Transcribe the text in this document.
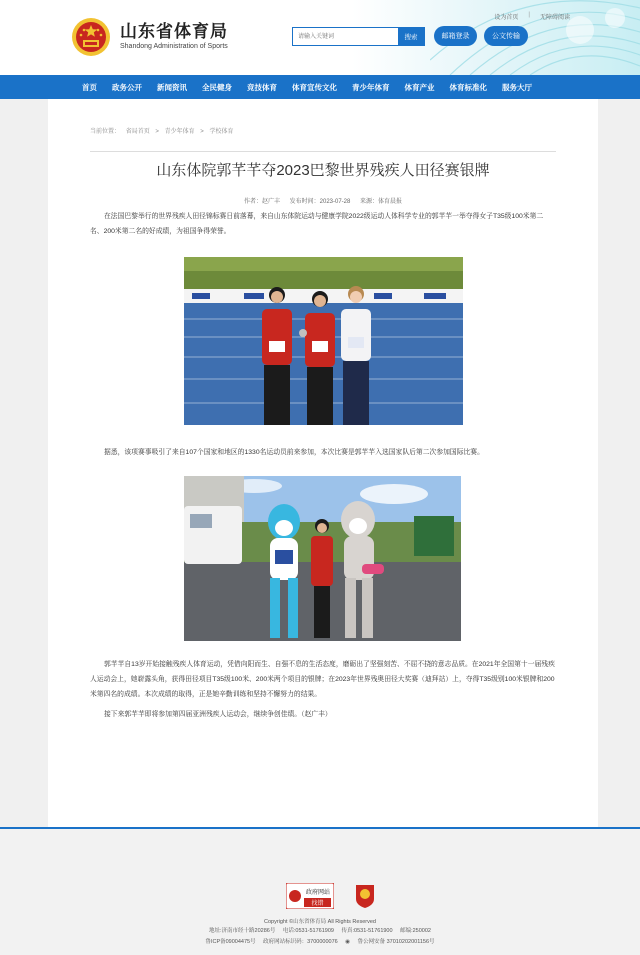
设为首页 | 无障碍阅读
山东省体育局
Shandong Administration of Sports
请输入关键词
搜索	邮箱登录	公文传输
首页 政务公开 新闻资讯 全民健身 竞技体育 体育宣传文化 青少年体育 体育产业 体育标准化 服务大厅
当前位置： 省局首页 > 青少年体育 > 学校体育
山东体院郭芊芊夺2023巴黎世界残疾人田径赛银牌
作者：赵广丰 发布时间：2023-07-28 来源：体育晨报

在法国巴黎举行的世界残疾人田径锦标赛日前落幕，来自山东体院运动与健康学院2022级运动人体科学专业的郭芊芊一举夺得女子T35级100米第二名、200米第二名的好成绩，为祖国争得荣誉。

据悉，该项赛事吸引了来自107个国家和地区的1330名运动员前来参加，本次比赛是郭芊芊入选国家队后第二次参加国际比赛。

郭芊芊自13岁开始接触残疾人体育运动，凭借向阳而生、自强不息的生活态度，磨砺出了坚强刻苦、不屈不挠的意志品质。在2021年全国第十一届残疾人运动会上，她崭露头角，获得田径项目T35级100米、200米两个项目的银牌；在2023年世界残奥田径大奖赛（迪拜站）上，夺得T35级别100米银牌和200米第四名的成绩。本次成绩的取得，正是她辛勤训练和坚持不懈努力的结果。

接下来郭芊芊即将参加第四届亚洲残疾人运动会，继续争创佳绩。（赵广丰）

政府网站
找错
Copyright ©山东省体育局 All Rights Reserved
地址:济南市经十路20286号 电话:0531-51761909 传真:0531-51761900 邮编:250002
鲁ICP备09004475号 政府网站标识码：3700000076 ◉ 鲁公网安备 37010202001156号
